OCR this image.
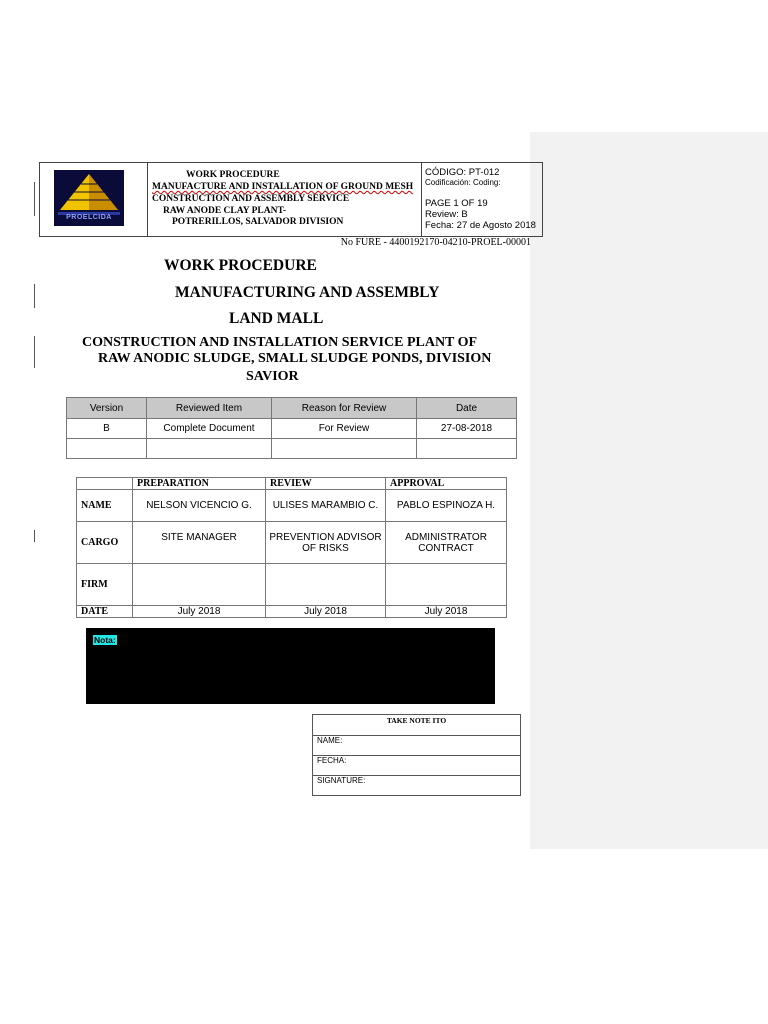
PROELCIDA
WORK PROCEDURE
MANUFACTURE AND INSTALLATION OF GROUND MESH
CONSTRUCTION AND ASSEMBLY SERVICE
RAW ANODE CLAY PLANT-
POTRERILLOS, SALVADOR DIVISION
CÓDIGO: PT-012
Codificación: Coding:
PAGE 1 OF 19
Review: B
Fecha: 27 de Agosto 2018
No FURE - 4400192170-04210-PROEL-00001
WORK PROCEDURE
MANUFACTURING AND ASSEMBLY
LAND MALL
CONSTRUCTION AND INSTALLATION SERVICE PLANT OF
RAW ANODIC SLUDGE, SMALL SLUDGE PONDS, DIVISION
SAVIOR
Version	Reviewed Item	Reason for Review	Date
B	Complete Document	For Review	27-08-2018

	PREPARATION	REVIEW	APPROVAL
NAME	NELSON VICENCIO G.	ULISES MARAMBIO C.	PABLO ESPINOZA H.
CARGO	SITE MANAGER	PREVENTION ADVISOR OF RISKS	ADMINISTRATOR CONTRACT
FIRM			
DATE	July 2018	July 2018	July 2018
Nota:
TAKE NOTE ITO
NAME:
FECHA:
SIGNATURE:
